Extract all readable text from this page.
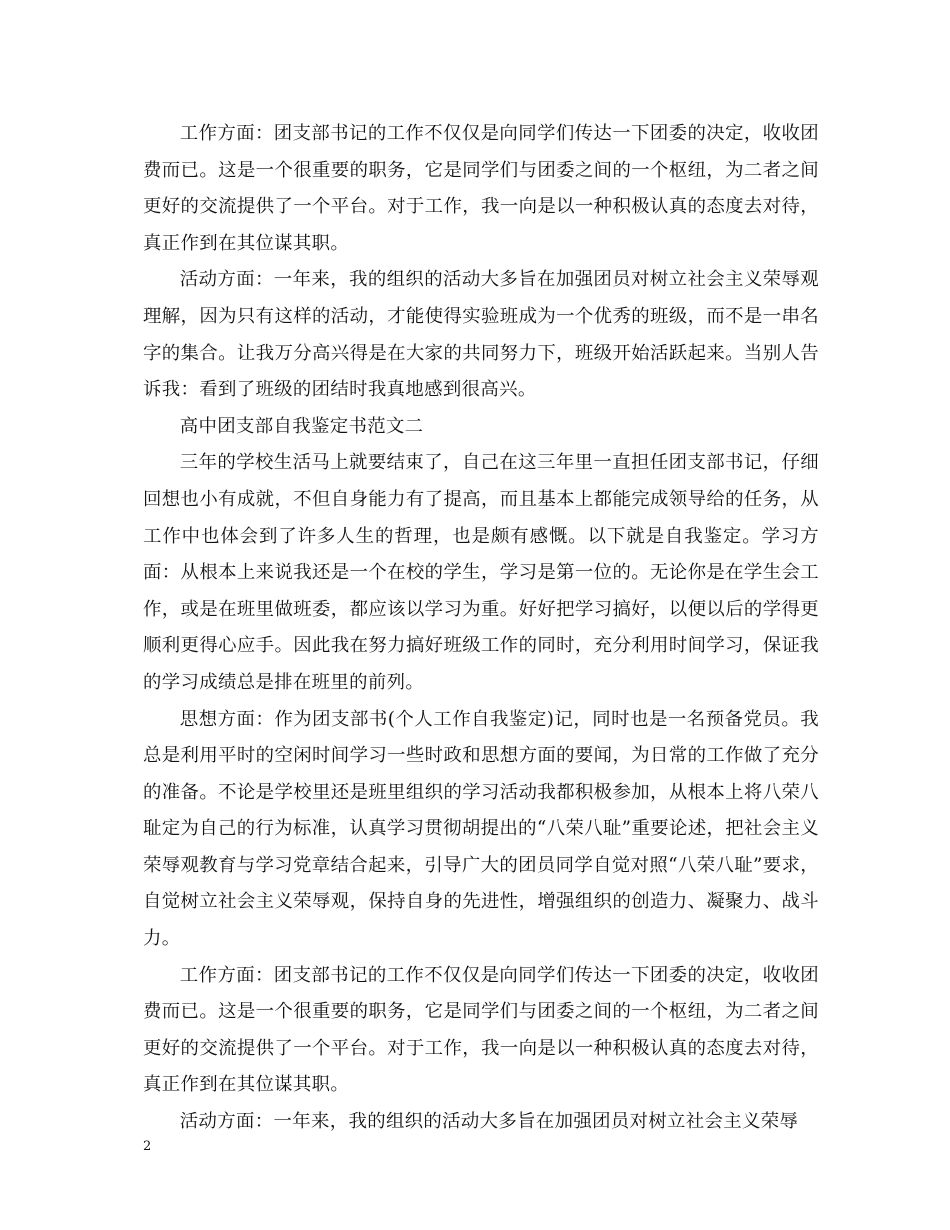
工作方面：团支部书记的工作不仅仅是向同学们传达一下团委的决定，收收团费而已。这是一个很重要的职务，它是同学们与团委之间的一个枢纽，为二者之间更好的交流提供了一个平台。对于工作，我一向是以一种积极认真的态度去对待，真正作到在其位谋其职。

活动方面：一年来，我的组织的活动大多旨在加强团员对树立社会主义荣辱观理解，因为只有这样的活动，才能使得实验班成为一个优秀的班级，而不是一串名字的集合。让我万分高兴得是在大家的共同努力下，班级开始活跃起来。当别人告诉我：看到了班级的团结时我真地感到很高兴。

高中团支部自我鉴定书范文二

三年的学校生活马上就要结束了，自己在这三年里一直担任团支部书记，仔细回想也小有成就，不但自身能力有了提高，而且基本上都能完成领导给的任务，从工作中也体会到了许多人生的哲理，也是颇有感慨。以下就是自我鉴定。学习方面：从根本上来说我还是一个在校的学生，学习是第一位的。无论你是在学生会工作，或是在班里做班委，都应该以学习为重。好好把学习搞好，以便以后的学得更顺利更得心应手。因此我在努力搞好班级工作的同时，充分利用时间学习，保证我的学习成绩总是排在班里的前列。

思想方面：作为团支部书(个人工作自我鉴定)记，同时也是一名预备党员。我总是利用平时的空闲时间学习一些时政和思想方面的要闻，为日常的工作做了充分的准备。不论是学校里还是班里组织的学习活动我都积极参加，从根本上将八荣八耻定为自己的行为标准，认真学习贯彻胡提出的“八荣八耻”重要论述，把社会主义荣辱观教育与学习党章结合起来，引导广大的团员同学自觉对照“八荣八耻”要求，自觉树立社会主义荣辱观，保持自身的先进性，增强组织的创造力、凝聚力、战斗力。

工作方面：团支部书记的工作不仅仅是向同学们传达一下团委的决定，收收团费而已。这是一个很重要的职务，它是同学们与团委之间的一个枢纽，为二者之间更好的交流提供了一个平台。对于工作，我一向是以一种积极认真的态度去对待，真正作到在其位谋其职。

活动方面：一年来，我的组织的活动大多旨在加强团员对树立社会主义荣辱

2
